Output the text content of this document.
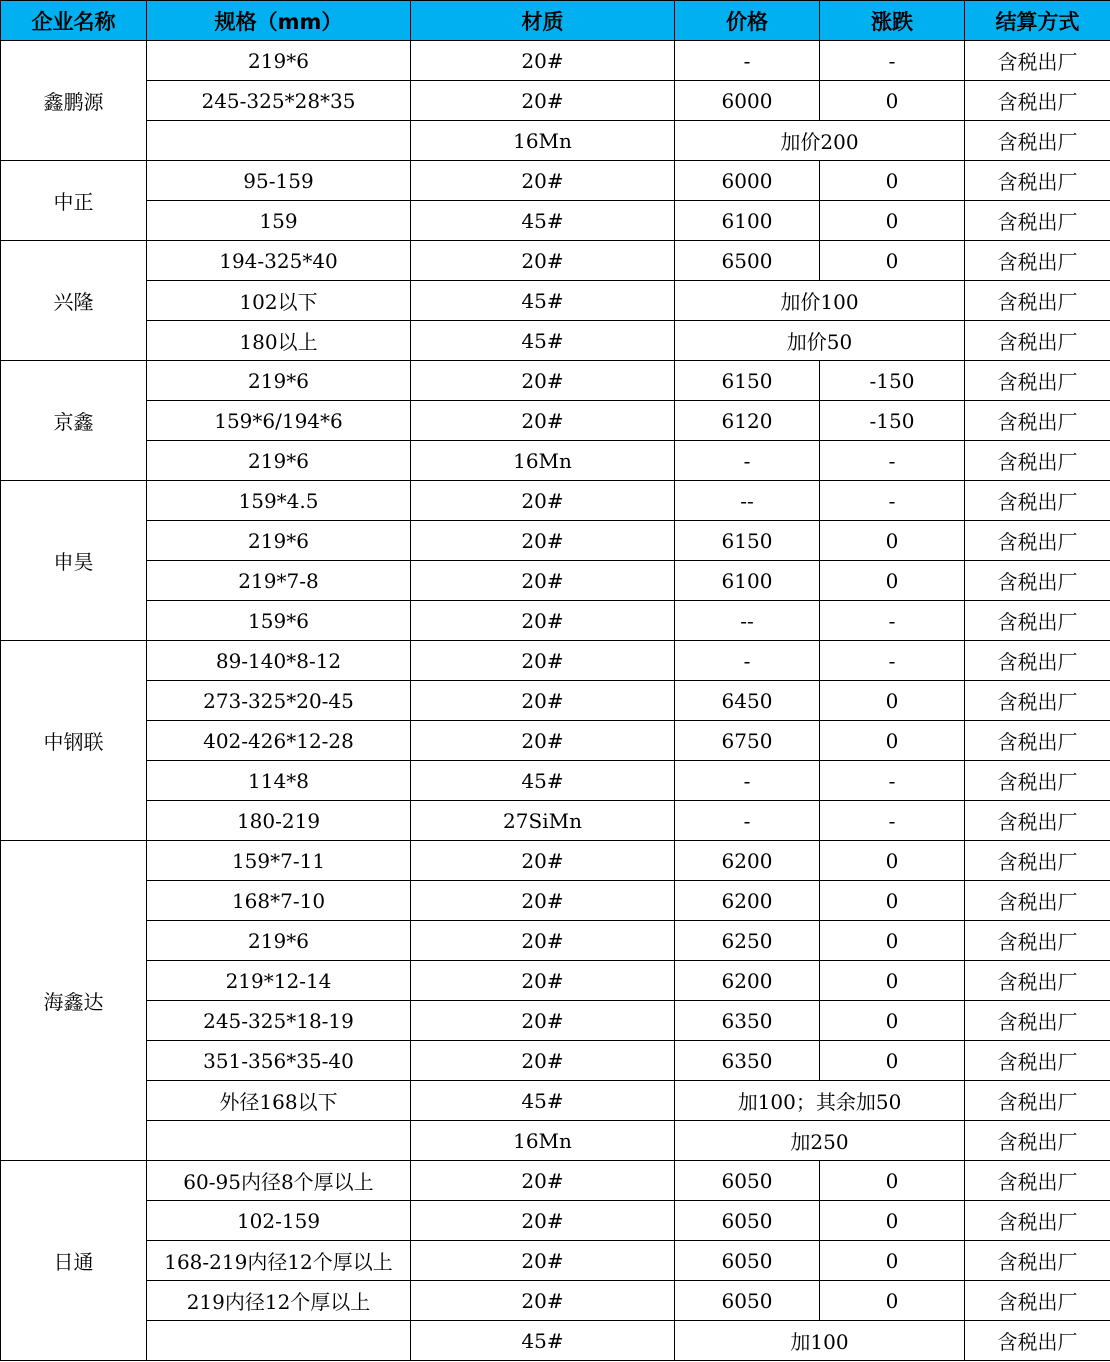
企业名称	规格（mm）	材质	价格	涨跌	结算方式
鑫鹏源	219*6	20#	-	-	含税出厂
	245-325*28*35	20#	6000	0	含税出厂
		16Mn	加价200		含税出厂
中正	95-159	20#	6000	0	含税出厂
	159	45#	6100	0	含税出厂
兴隆	194-325*40	20#	6500	0	含税出厂
	102以下	45#	加价100		含税出厂
	180以上	45#	加价50		含税出厂
京鑫	219*6	20#	6150	-150	含税出厂
	159*6/194*6	20#	6120	-150	含税出厂
	219*6	16Mn	-	-	含税出厂
申昊	159*4.5	20#	--	-	含税出厂
	219*6	20#	6150	0	含税出厂
	219*7-8	20#	6100	0	含税出厂
	159*6	20#	--	-	含税出厂
中钢联	89-140*8-12	20#	-	-	含税出厂
	273-325*20-45	20#	6450	0	含税出厂
	402-426*12-28	20#	6750	0	含税出厂
	114*8	45#	-	-	含税出厂
	180-219	27SiMn	-	-	含税出厂
海鑫达	159*7-11	20#	6200	0	含税出厂
	168*7-10	20#	6200	0	含税出厂
	219*6	20#	6250	0	含税出厂
	219*12-14	20#	6200	0	含税出厂
	245-325*18-19	20#	6350	0	含税出厂
	351-356*35-40	20#	6350	0	含税出厂
	外径168以下	45#	加100；其余加50		含税出厂
		16Mn	加250		含税出厂
日通	60-95内径8个厚以上	20#	6050	0	含税出厂
	102-159	20#	6050	0	含税出厂
	168-219内径12个厚以上	20#	6050	0	含税出厂
	219内径12个厚以上	20#	6050	0	含税出厂
		45#	加100		含税出厂
